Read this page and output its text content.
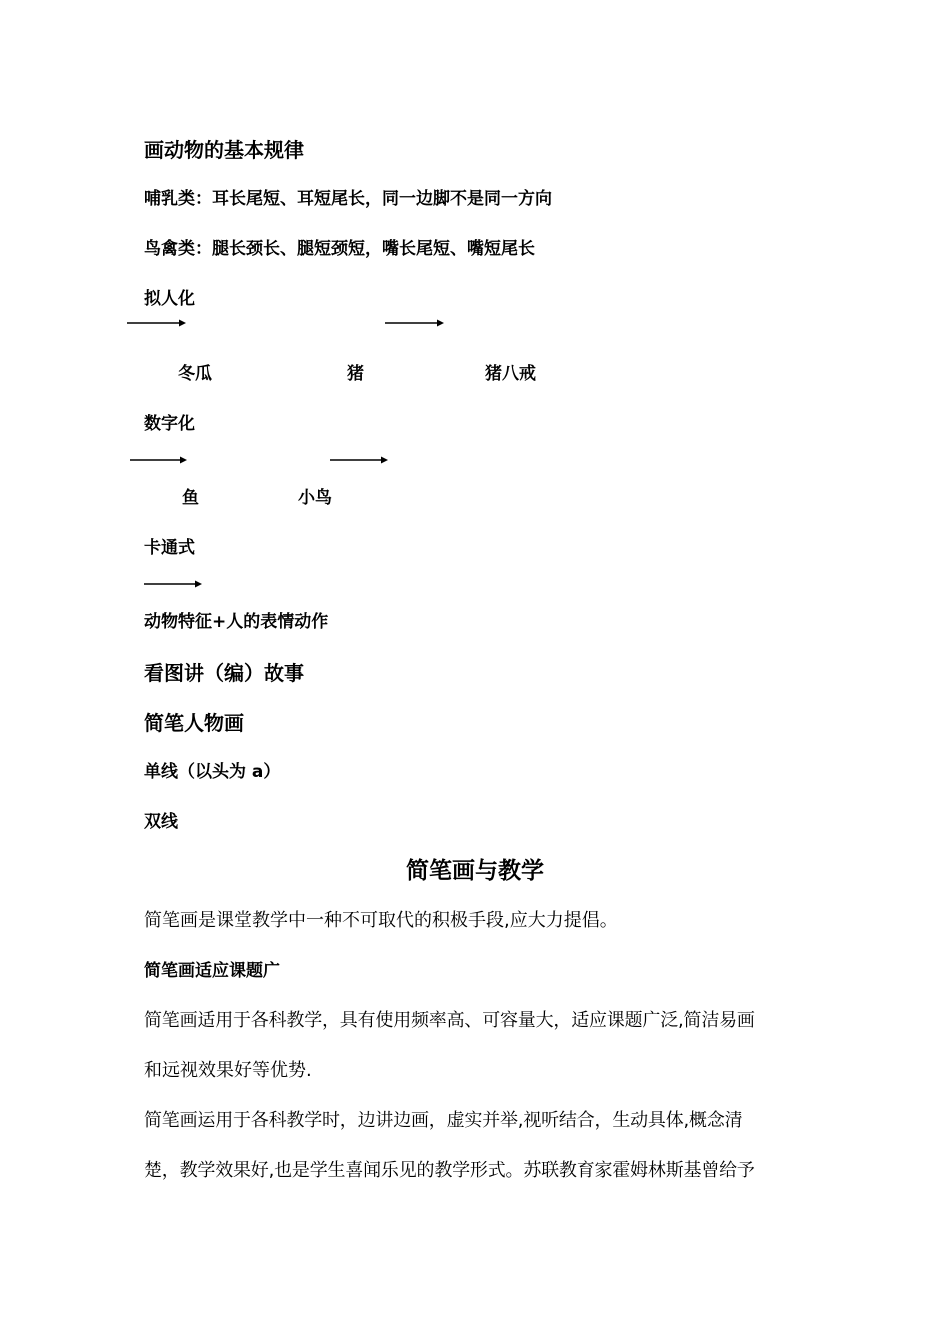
画动物的基本规律
哺乳类：耳长尾短、耳短尾长，同一边脚不是同一方向
鸟禽类：腿长颈长、腿短颈短，嘴长尾短、嘴短尾长
拟人化
冬瓜	猪	猪八戒
数字化
鱼	小鸟
卡通式
动物特征+人的表情动作
看图讲（编）故事
简笔人物画
单线（以头为 a）
双线
简笔画与教学
简笔画是课堂教学中一种不可取代的积极手段,应大力提倡。
简笔画适应课题广
简笔画适用于各科教学，具有使用频率高、可容量大，适应课题广泛,简洁易画
和远视效果好等优势.
简笔画运用于各科教学时，边讲边画，虚实并举,视听结合，生动具体,概念清
楚，教学效果好,也是学生喜闻乐见的教学形式。苏联教育家霍姆林斯基曾给予
